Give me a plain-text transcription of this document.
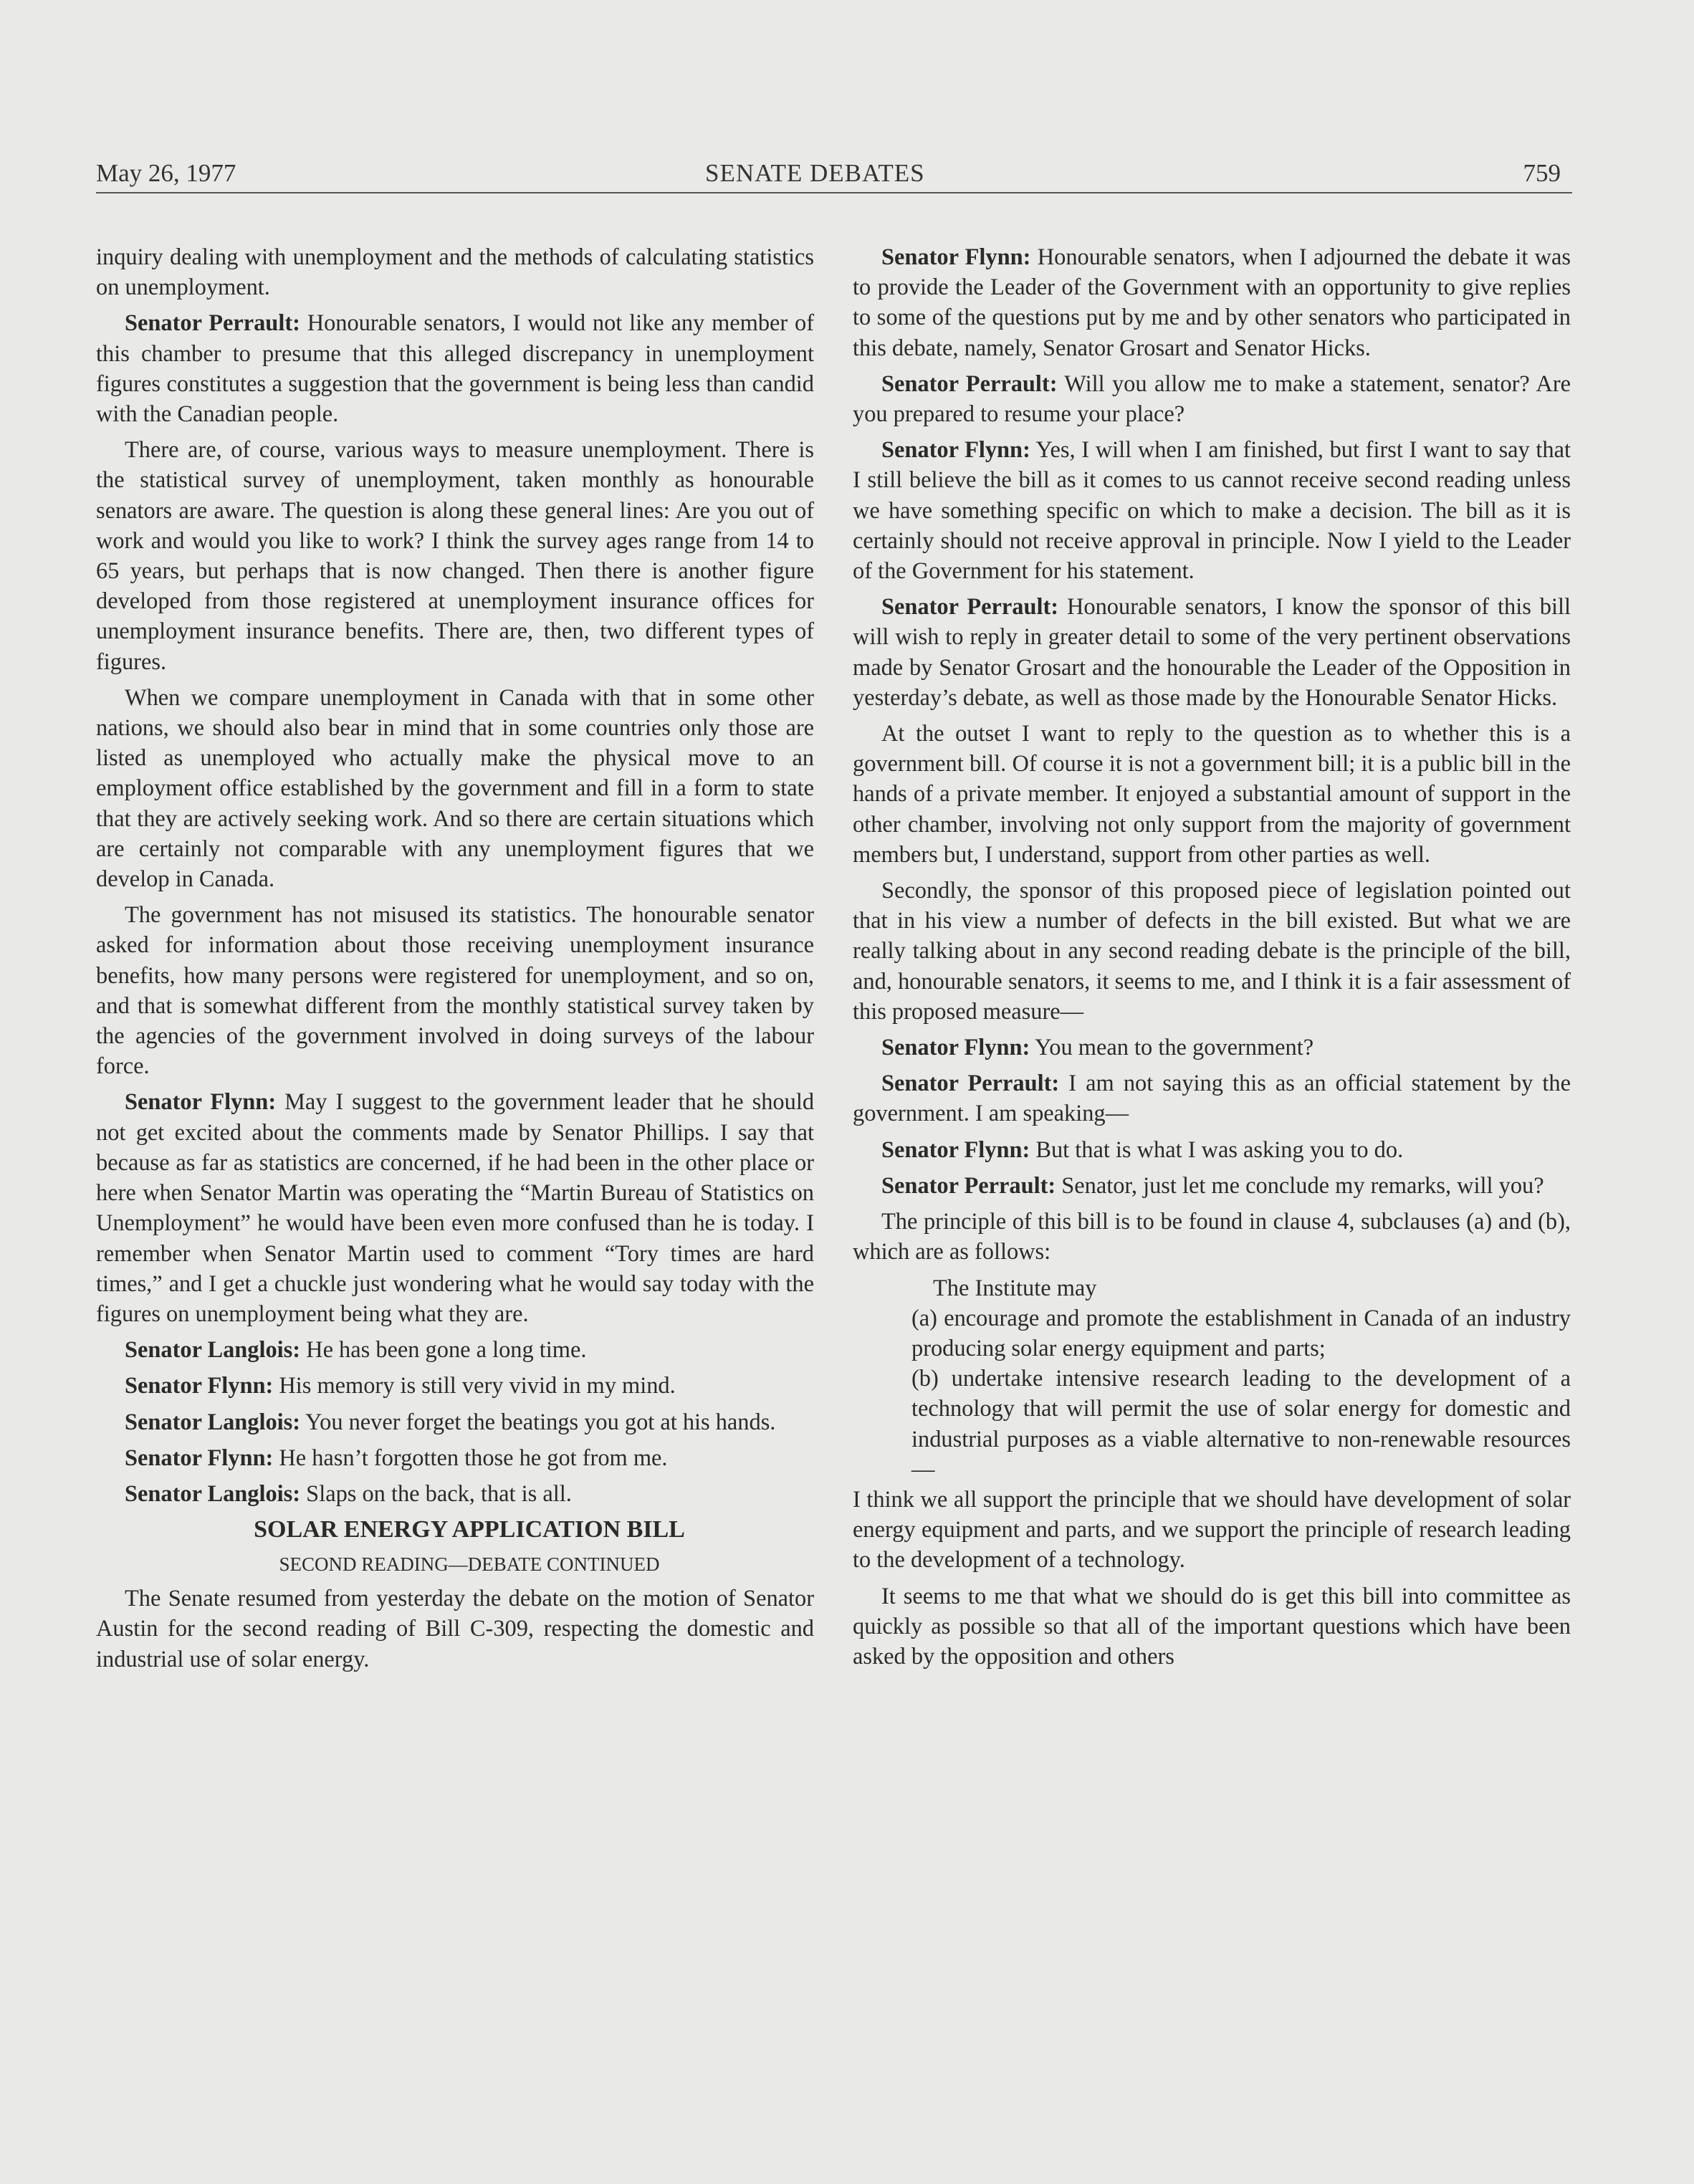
May 26, 1977	SENATE DEBATES	759

inquiry dealing with unemployment and the methods of calculating statistics on unemployment.

Senator Perrault: Honourable senators, I would not like any member of this chamber to presume that this alleged discrepancy in unemployment figures constitutes a suggestion that the government is being less than candid with the Canadian people.

There are, of course, various ways to measure unemployment. There is the statistical survey of unemployment, taken monthly as honourable senators are aware. The question is along these general lines: Are you out of work and would you like to work? I think the survey ages range from 14 to 65 years, but perhaps that is now changed. Then there is another figure developed from those registered at unemployment insurance offices for unemployment insurance benefits. There are, then, two different types of figures.

When we compare unemployment in Canada with that in some other nations, we should also bear in mind that in some countries only those are listed as unemployed who actually make the physical move to an employment office established by the government and fill in a form to state that they are actively seeking work. And so there are certain situations which are certainly not comparable with any unemployment figures that we develop in Canada.

The government has not misused its statistics. The honourable senator asked for information about those receiving unemployment insurance benefits, how many persons were registered for unemployment, and so on, and that is somewhat different from the monthly statistical survey taken by the agencies of the government involved in doing surveys of the labour force.

Senator Flynn: May I suggest to the government leader that he should not get excited about the comments made by Senator Phillips. I say that because as far as statistics are concerned, if he had been in the other place or here when Senator Martin was operating the “Martin Bureau of Statistics on Unemployment” he would have been even more confused than he is today. I remember when Senator Martin used to comment “Tory times are hard times,” and I get a chuckle just wondering what he would say today with the figures on unemployment being what they are.

Senator Langlois: He has been gone a long time.

Senator Flynn: His memory is still very vivid in my mind.

Senator Langlois: You never forget the beatings you got at his hands.

Senator Flynn: He hasn’t forgotten those he got from me.

Senator Langlois: Slaps on the back, that is all.

SOLAR ENERGY APPLICATION BILL

SECOND READING—DEBATE CONTINUED

The Senate resumed from yesterday the debate on the motion of Senator Austin for the second reading of Bill C-309, respecting the domestic and industrial use of solar energy.

Senator Flynn: Honourable senators, when I adjourned the debate it was to provide the Leader of the Government with an opportunity to give replies to some of the questions put by me and by other senators who participated in this debate, namely, Senator Grosart and Senator Hicks.

Senator Perrault: Will you allow me to make a statement, senator? Are you prepared to resume your place?

Senator Flynn: Yes, I will when I am finished, but first I want to say that I still believe the bill as it comes to us cannot receive second reading unless we have something specific on which to make a decision. The bill as it is certainly should not receive approval in principle. Now I yield to the Leader of the Government for his statement.

Senator Perrault: Honourable senators, I know the sponsor of this bill will wish to reply in greater detail to some of the very pertinent observations made by Senator Grosart and the honourable the Leader of the Opposition in yesterday’s debate, as well as those made by the Honourable Senator Hicks.

At the outset I want to reply to the question as to whether this is a government bill. Of course it is not a government bill; it is a public bill in the hands of a private member. It enjoyed a substantial amount of support in the other chamber, involving not only support from the majority of government members but, I understand, support from other parties as well.

Secondly, the sponsor of this proposed piece of legislation pointed out that in his view a number of defects in the bill existed. But what we are really talking about in any second reading debate is the principle of the bill, and, honourable senators, it seems to me, and I think it is a fair assessment of this proposed measure—

Senator Flynn: You mean to the government?

Senator Perrault: I am not saying this as an official statement by the government. I am speaking—

Senator Flynn: But that is what I was asking you to do.

Senator Perrault: Senator, just let me conclude my remarks, will you?

The principle of this bill is to be found in clause 4, subclauses (a) and (b), which are as follows:

The Institute may

(a) encourage and promote the establishment in Canada of an industry producing solar energy equipment and parts;

(b) undertake intensive research leading to the development of a technology that will permit the use of solar energy for domestic and industrial purposes as a viable alternative to non-renewable resources—

I think we all support the principle that we should have development of solar energy equipment and parts, and we support the principle of research leading to the development of a technology.

It seems to me that what we should do is get this bill into committee as quickly as possible so that all of the important questions which have been asked by the opposition and others
